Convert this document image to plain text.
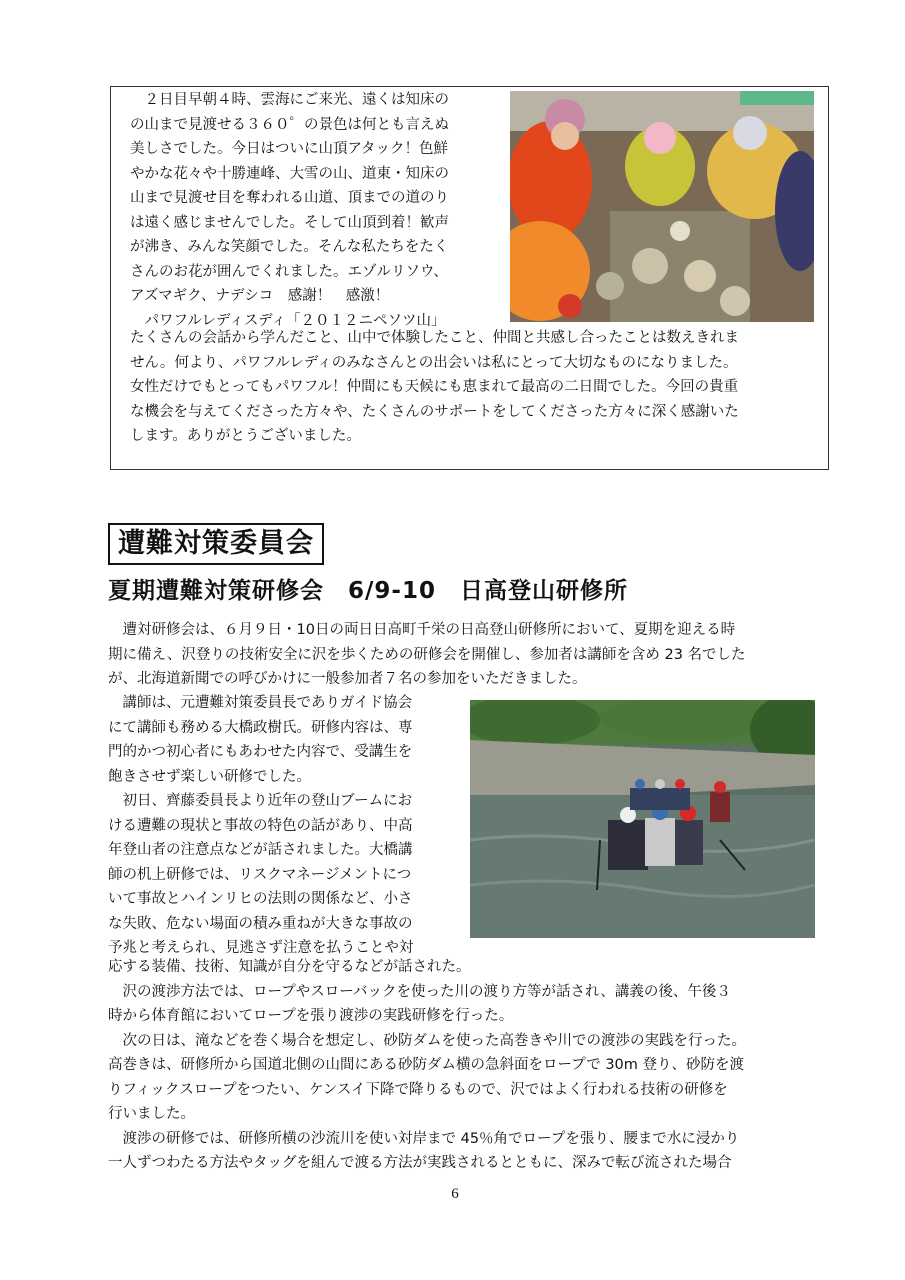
　２日目早朝４時、雲海にご来光、遠くは知床の
の山まで見渡せる３６０゜の景色は何とも言えぬ
美しさでした。今日はついに山頂アタック！色鮮
やかな花々や十勝連峰、大雪の山、道東・知床の
山まで見渡せ目を奪われる山道、頂までの道のり
は遠く感じませんでした。そして山頂到着！歓声
が沸き、みんな笑顔でした。そんな私たちをたく
さんのお花が囲んでくれました。エゾルリソウ、
アズマギク、ナデシコ　感謝！　感激！
　パワフルレディスディ「２０１２ニペソツ山」
たくさんの会話から学んだこと、山中で体験したこと、仲間と共感し合ったことは数えきれま
せん。何より、パワフルレディのみなさんとの出会いは私にとって大切なものになりました。
女性だけでもとってもパワフル！仲間にも天候にも恵まれて最高の二日間でした。今回の貴重
な機会を与えてくださった方々や、たくさんのサポートをしてくださった方々に深く感謝いた
します。ありがとうございました。
遭難対策委員会
夏期遭難対策研修会　6/9-10　日高登山研修所
　遭対研修会は、６月９日・10日の両日日高町千栄の日高登山研修所において、夏期を迎える時
期に備え、沢登りの技術安全に沢を歩くための研修会を開催し、参加者は講師を含め 23 名でした
が、北海道新聞での呼びかけに一般参加者７名の参加をいただきました。
　講師は、元遭難対策委員長でありガイド協会
にて講師も務める大橋政樹氏。研修内容は、専
門的かつ初心者にもあわせた内容で、受講生を
飽きさせず楽しい研修でした。
　初日、齊藤委員長より近年の登山ブームにお
ける遭難の現状と事故の特色の話があり、中高
年登山者の注意点などが話されました。大橋講
師の机上研修では、リスクマネージメントにつ
いて事故とハインリヒの法則の関係など、小さ
な失敗、危ない場面の積み重ねが大きな事故の
予兆と考えられ、見逃さず注意を払うことや対
応する装備、技術、知識が自分を守るなどが話された。
　沢の渡渉方法では、ロープやスローバックを使った川の渡り方等が話され、講義の後、午後３
時から体育館においてロープを張り渡渉の実践研修を行った。
　次の日は、滝などを巻く場合を想定し、砂防ダムを使った高巻きや川での渡渉の実践を行った。
高巻きは、研修所から国道北側の山間にある砂防ダム横の急斜面をロープで 30m 登り、砂防を渡
りフィックスロープをつたい、ケンスイ下降で降りるもので、沢ではよく行われる技術の研修を
行いました。
　渡渉の研修では、研修所横の沙流川を使い対岸まで 45％角でロープを張り、腰まで水に浸かり
一人ずつわたる方法やタッグを組んで渡る方法が実践されるとともに、深みで転び流された場合
6
